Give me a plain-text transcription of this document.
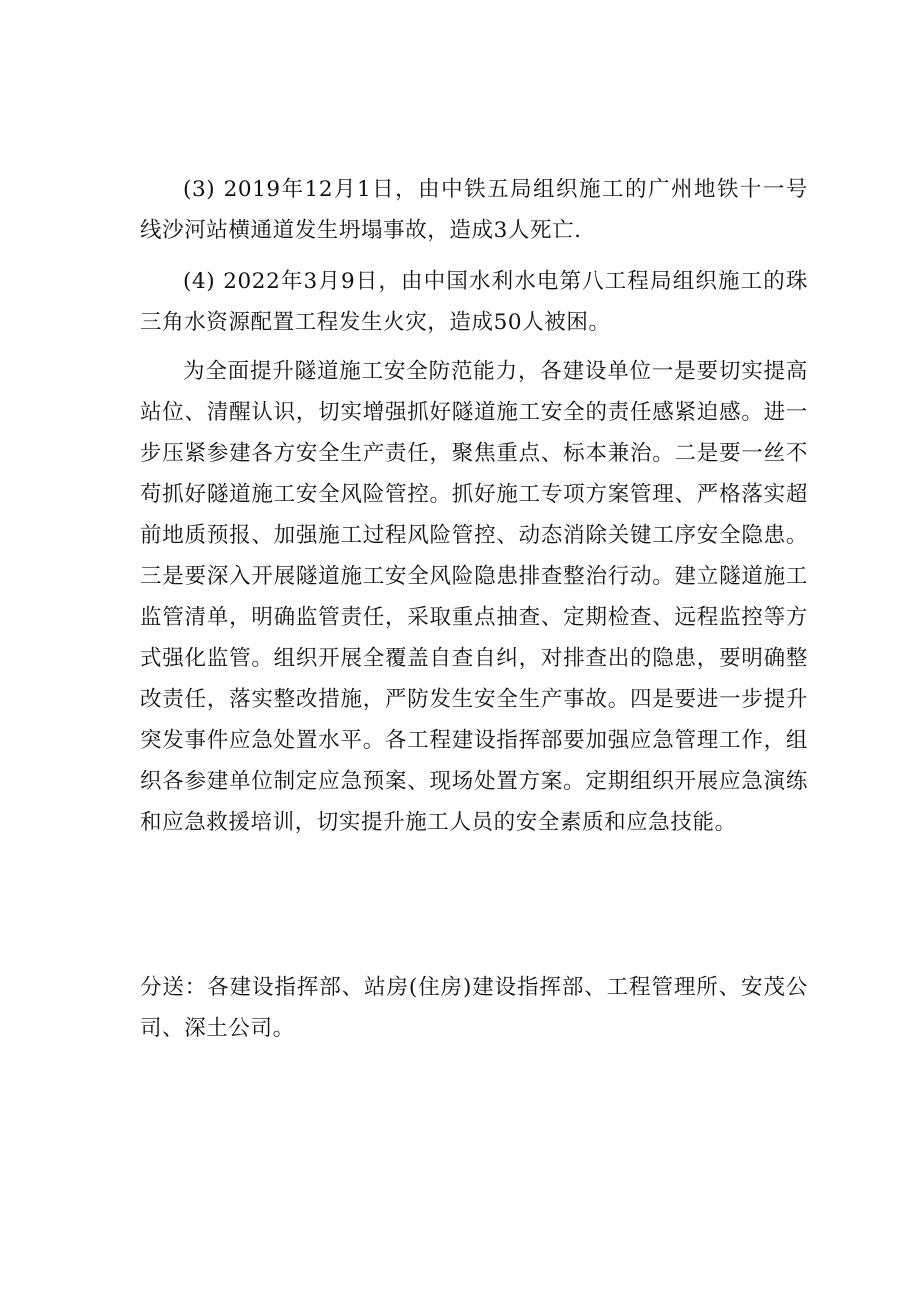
(3) 2019年12月1日，由中铁五局组织施工的广州地铁十一号线沙河站横通道发生坍塌事故，造成3人死亡.

(4) 2022年3月9日，由中国水利水电第八工程局组织施工的珠三角水资源配置工程发生火灾，造成50人被困。

为全面提升隧道施工安全防范能力，各建设单位一是要切实提高站位、清醒认识，切实增强抓好隧道施工安全的责任感紧迫感。进一步压紧参建各方安全生产责任，聚焦重点、标本兼治。二是要一丝不苟抓好隧道施工安全风险管控。抓好施工专项方案管理、严格落实超前地质预报、加强施工过程风险管控、动态消除关键工序安全隐患。三是要深入开展隧道施工安全风险隐患排查整治行动。建立隧道施工监管清单，明确监管责任，采取重点抽查、定期检查、远程监控等方式强化监管。组织开展全覆盖自查自纠，对排查出的隐患，要明确整改责任，落实整改措施，严防发生安全生产事故。四是要进一步提升突发事件应急处置水平。各工程建设指挥部要加强应急管理工作，组织各参建单位制定应急预案、现场处置方案。定期组织开展应急演练和应急救援培训，切实提升施工人员的安全素质和应急技能。

分送：各建设指挥部、站房(住房)建设指挥部、工程管理所、安茂公司、深土公司。
